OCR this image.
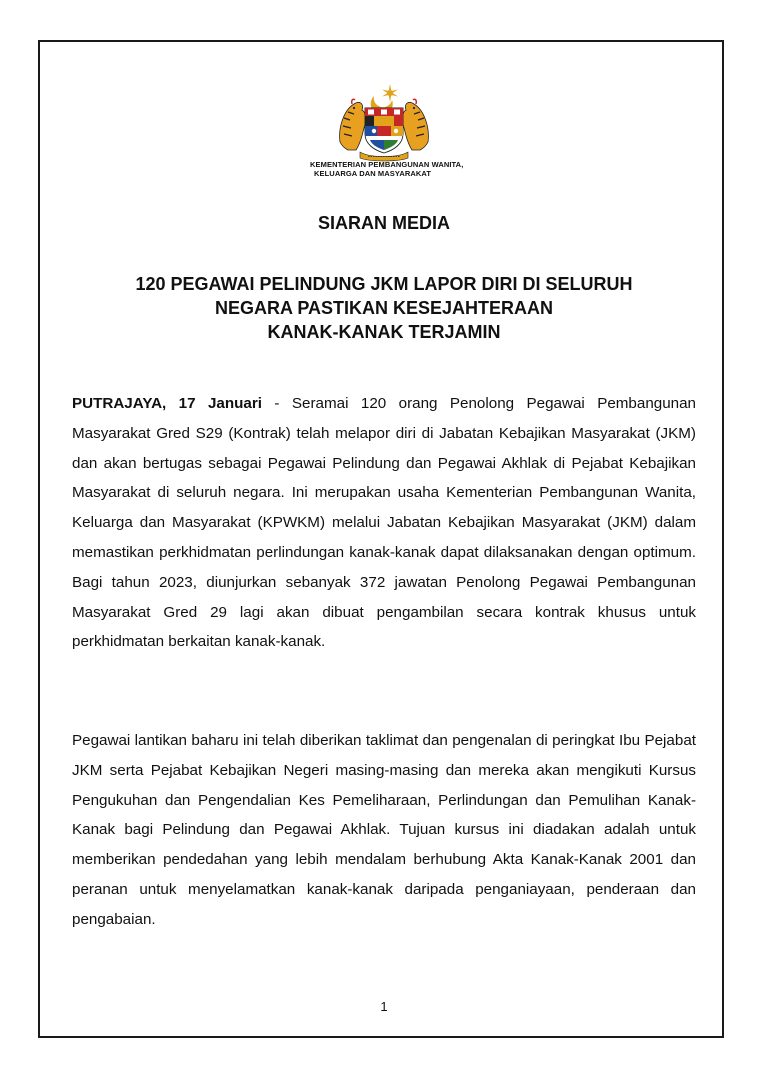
KEMENTERIAN PEMBANGUNAN WANITA,
KELUARGA DAN MASYARAKAT
SIARAN MEDIA
120 PEGAWAI PELINDUNG JKM LAPOR DIRI DI SELURUH
NEGARA PASTIKAN KESEJAHTERAAN
KANAK-KANAK TERJAMIN
PUTRAJAYA, 17 Januari - Seramai 120 orang Penolong Pegawai Pembangunan Masyarakat Gred S29 (Kontrak) telah melapor diri di Jabatan Kebajikan Masyarakat (JKM) dan akan bertugas sebagai Pegawai Pelindung dan Pegawai Akhlak di Pejabat Kebajikan Masyarakat di seluruh negara. Ini merupakan usaha Kementerian Pembangunan Wanita, Keluarga dan Masyarakat (KPWKM) melalui Jabatan Kebajikan Masyarakat (JKM) dalam memastikan perkhidmatan perlindungan kanak-kanak dapat dilaksanakan dengan optimum. Bagi tahun 2023, diunjurkan sebanyak 372 jawatan Penolong Pegawai Pembangunan Masyarakat Gred 29 lagi akan dibuat pengambilan secara kontrak khusus untuk perkhidmatan berkaitan kanak-kanak.
Pegawai lantikan baharu ini telah diberikan taklimat dan pengenalan di peringkat Ibu Pejabat JKM serta Pejabat Kebajikan Negeri masing-masing dan mereka akan mengikuti Kursus Pengukuhan dan Pengendalian Kes Pemeliharaan, Perlindungan dan Pemulihan Kanak-Kanak bagi Pelindung dan Pegawai Akhlak. Tujuan kursus ini diadakan adalah untuk memberikan pendedahan yang lebih mendalam berhubung Akta Kanak-Kanak 2001 dan peranan untuk menyelamatkan kanak-kanak daripada penganiayaan, penderaan dan pengabaian.
1
